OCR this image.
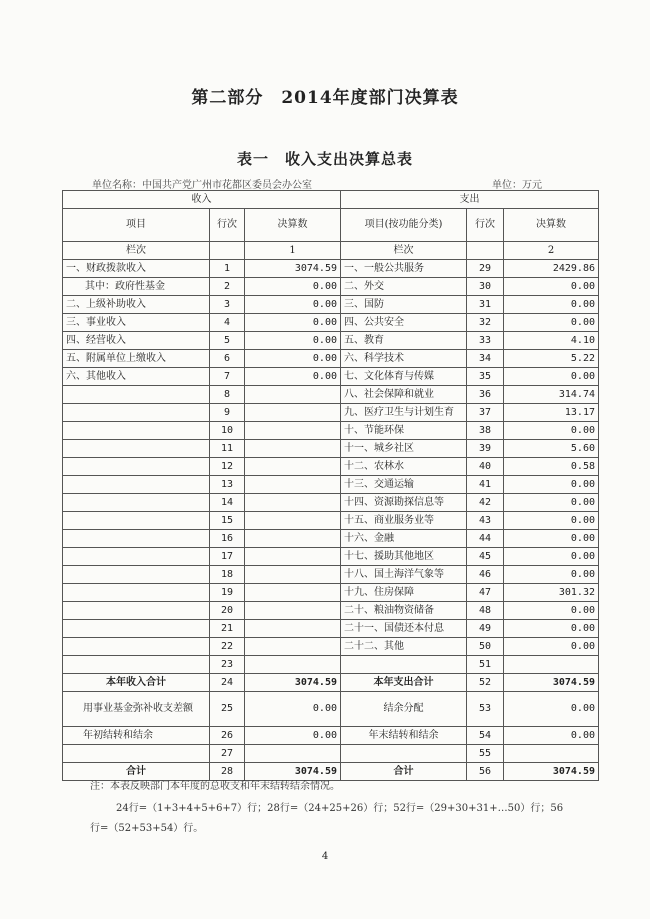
第二部分　2014年度部门决算表
表一　收入支出决算总表
单位名称：中国共产党广州市花都区委员会办公室	单位：万元
收入			支出		
项目	行次	决算数	项目(按功能分类)	行次	决算数
栏次		1	栏次		2
一、财政拨款收入	1	3074.59	一、一般公共服务	29	2429.86
其中：政府性基金	2	0.00	二、外交	30	0.00
二、上级补助收入	3	0.00	三、国防	31	0.00
三、事业收入	4	0.00	四、公共安全	32	0.00
四、经营收入	5	0.00	五、教育	33	4.10
五、附属单位上缴收入	6	0.00	六、科学技术	34	5.22
六、其他收入	7	0.00	七、文化体育与传媒	35	0.00
	8		八、社会保障和就业	36	314.74
	9		九、医疗卫生与计划生育	37	13.17
	10		十、节能环保	38	0.00
	11		十一、城乡社区	39	5.60
	12		十二、农林水	40	0.58
	13		十三、交通运输	41	0.00
	14		十四、资源勘探信息等	42	0.00
	15		十五、商业服务业等	43	0.00
	16		十六、金融	44	0.00
	17		十七、援助其他地区	45	0.00
	18		十八、国土海洋气象等	46	0.00
	19		十九、住房保障	47	301.32
	20		二十、粮油物资储备	48	0.00
	21		二十一、国债还本付息	49	0.00
	22		二十二、其他	50	0.00
	23			51	
本年收入合计	24	3074.59	本年支出合计	52	3074.59
用事业基金弥补收支差额	25	0.00	结余分配	53	0.00
年初结转和结余	26	0.00	年末结转和结余	54	0.00
	27			55	
合计	28	3074.59	合计	56	3074.59
注：本表反映部门本年度的总收支和年末结转结余情况。
24行=（1+3+4+5+6+7）行；28行=（24+25+26）行；52行=（29+30+31+…50）行；56
行=（52+53+54）行。
4
